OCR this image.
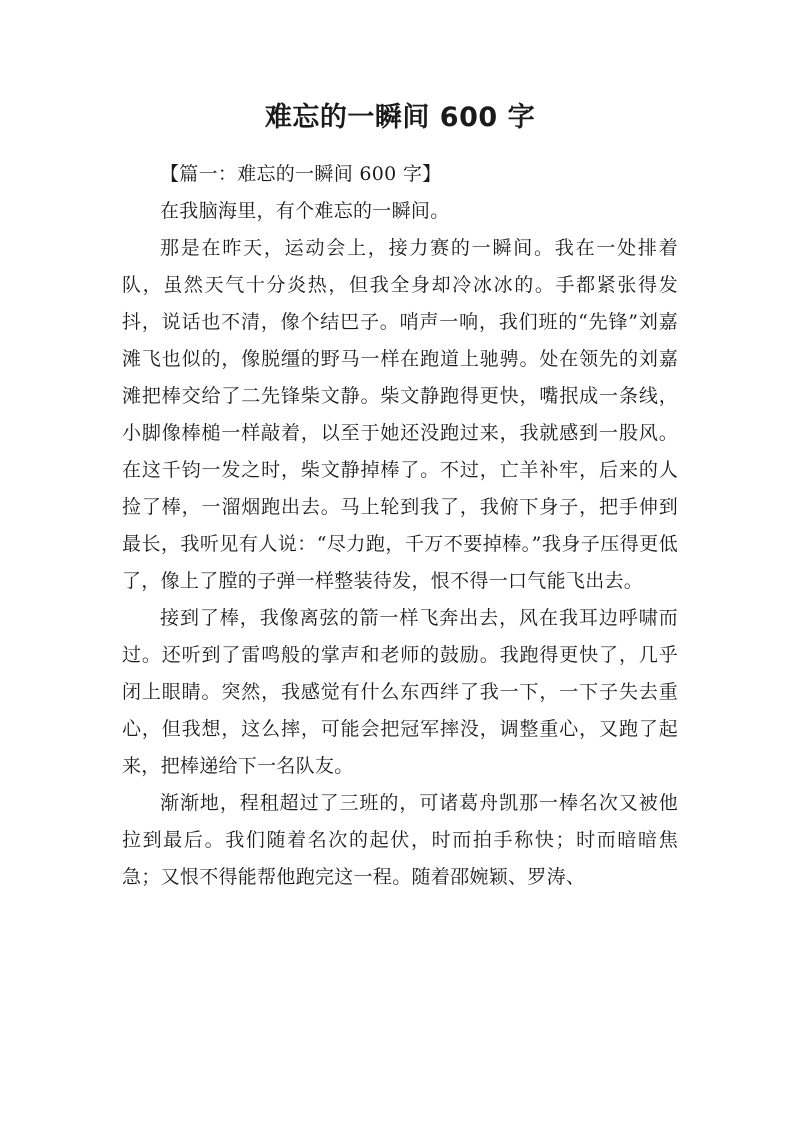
难忘的一瞬间 600 字

【篇一：难忘的一瞬间 600 字】

在我脑海里，有个难忘的一瞬间。

那是在昨天，运动会上，接力赛的一瞬间。我在一处排着队，虽然天气十分炎热，但我全身却冷冰冰的。手都紧张得发抖，说话也不清，像个结巴子。哨声一响，我们班的“先锋”刘嘉滩飞也似的，像脱缰的野马一样在跑道上驰骋。处在领先的刘嘉滩把棒交给了二先锋柴文静。柴文静跑得更快，嘴抿成一条线，小脚像棒槌一样敲着，以至于她还没跑过来，我就感到一股风。在这千钧一发之时，柴文静掉棒了。不过，亡羊补牢，后来的人捡了棒，一溜烟跑出去。马上轮到我了，我俯下身子，把手伸到最长，我听见有人说：“尽力跑，千万不要掉棒。”我身子压得更低了，像上了膛的子弹一样整装待发，恨不得一口气能飞出去。

接到了棒，我像离弦的箭一样飞奔出去，风在我耳边呼啸而过。还听到了雷鸣般的掌声和老师的鼓励。我跑得更快了，几乎闭上眼睛。突然，我感觉有什么东西绊了我一下，一下子失去重心，但我想，这么摔，可能会把冠军摔没，调整重心，又跑了起来，把棒递给下一名队友。

渐渐地，程租超过了三班的，可诸葛舟凯那一棒名次又被他拉到最后。我们随着名次的起伏，时而拍手称快；时而暗暗焦急；又恨不得能帮他跑完这一程。随着邵婉颖、罗涛、
